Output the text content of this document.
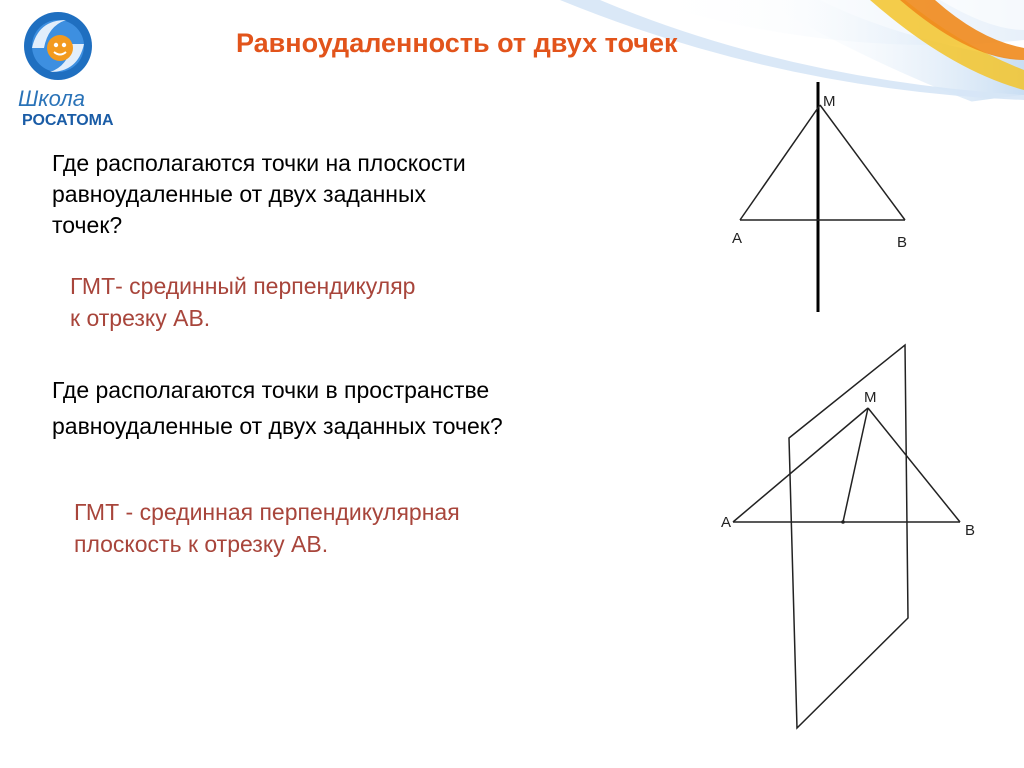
Школа
РОСАТОМА
Равноудаленность от двух точек
Где располагаются точки на плоскости
равноудаленные от двух заданных
точек?
ГМТ- срединный перпендикуляр
к отрезку АВ.
Где располагаются точки в пространстве
равноудаленные от двух заданных точек?
ГМТ - срединная перпендикулярная
плоскость к отрезку АВ.
M
A	B
M
A	B
